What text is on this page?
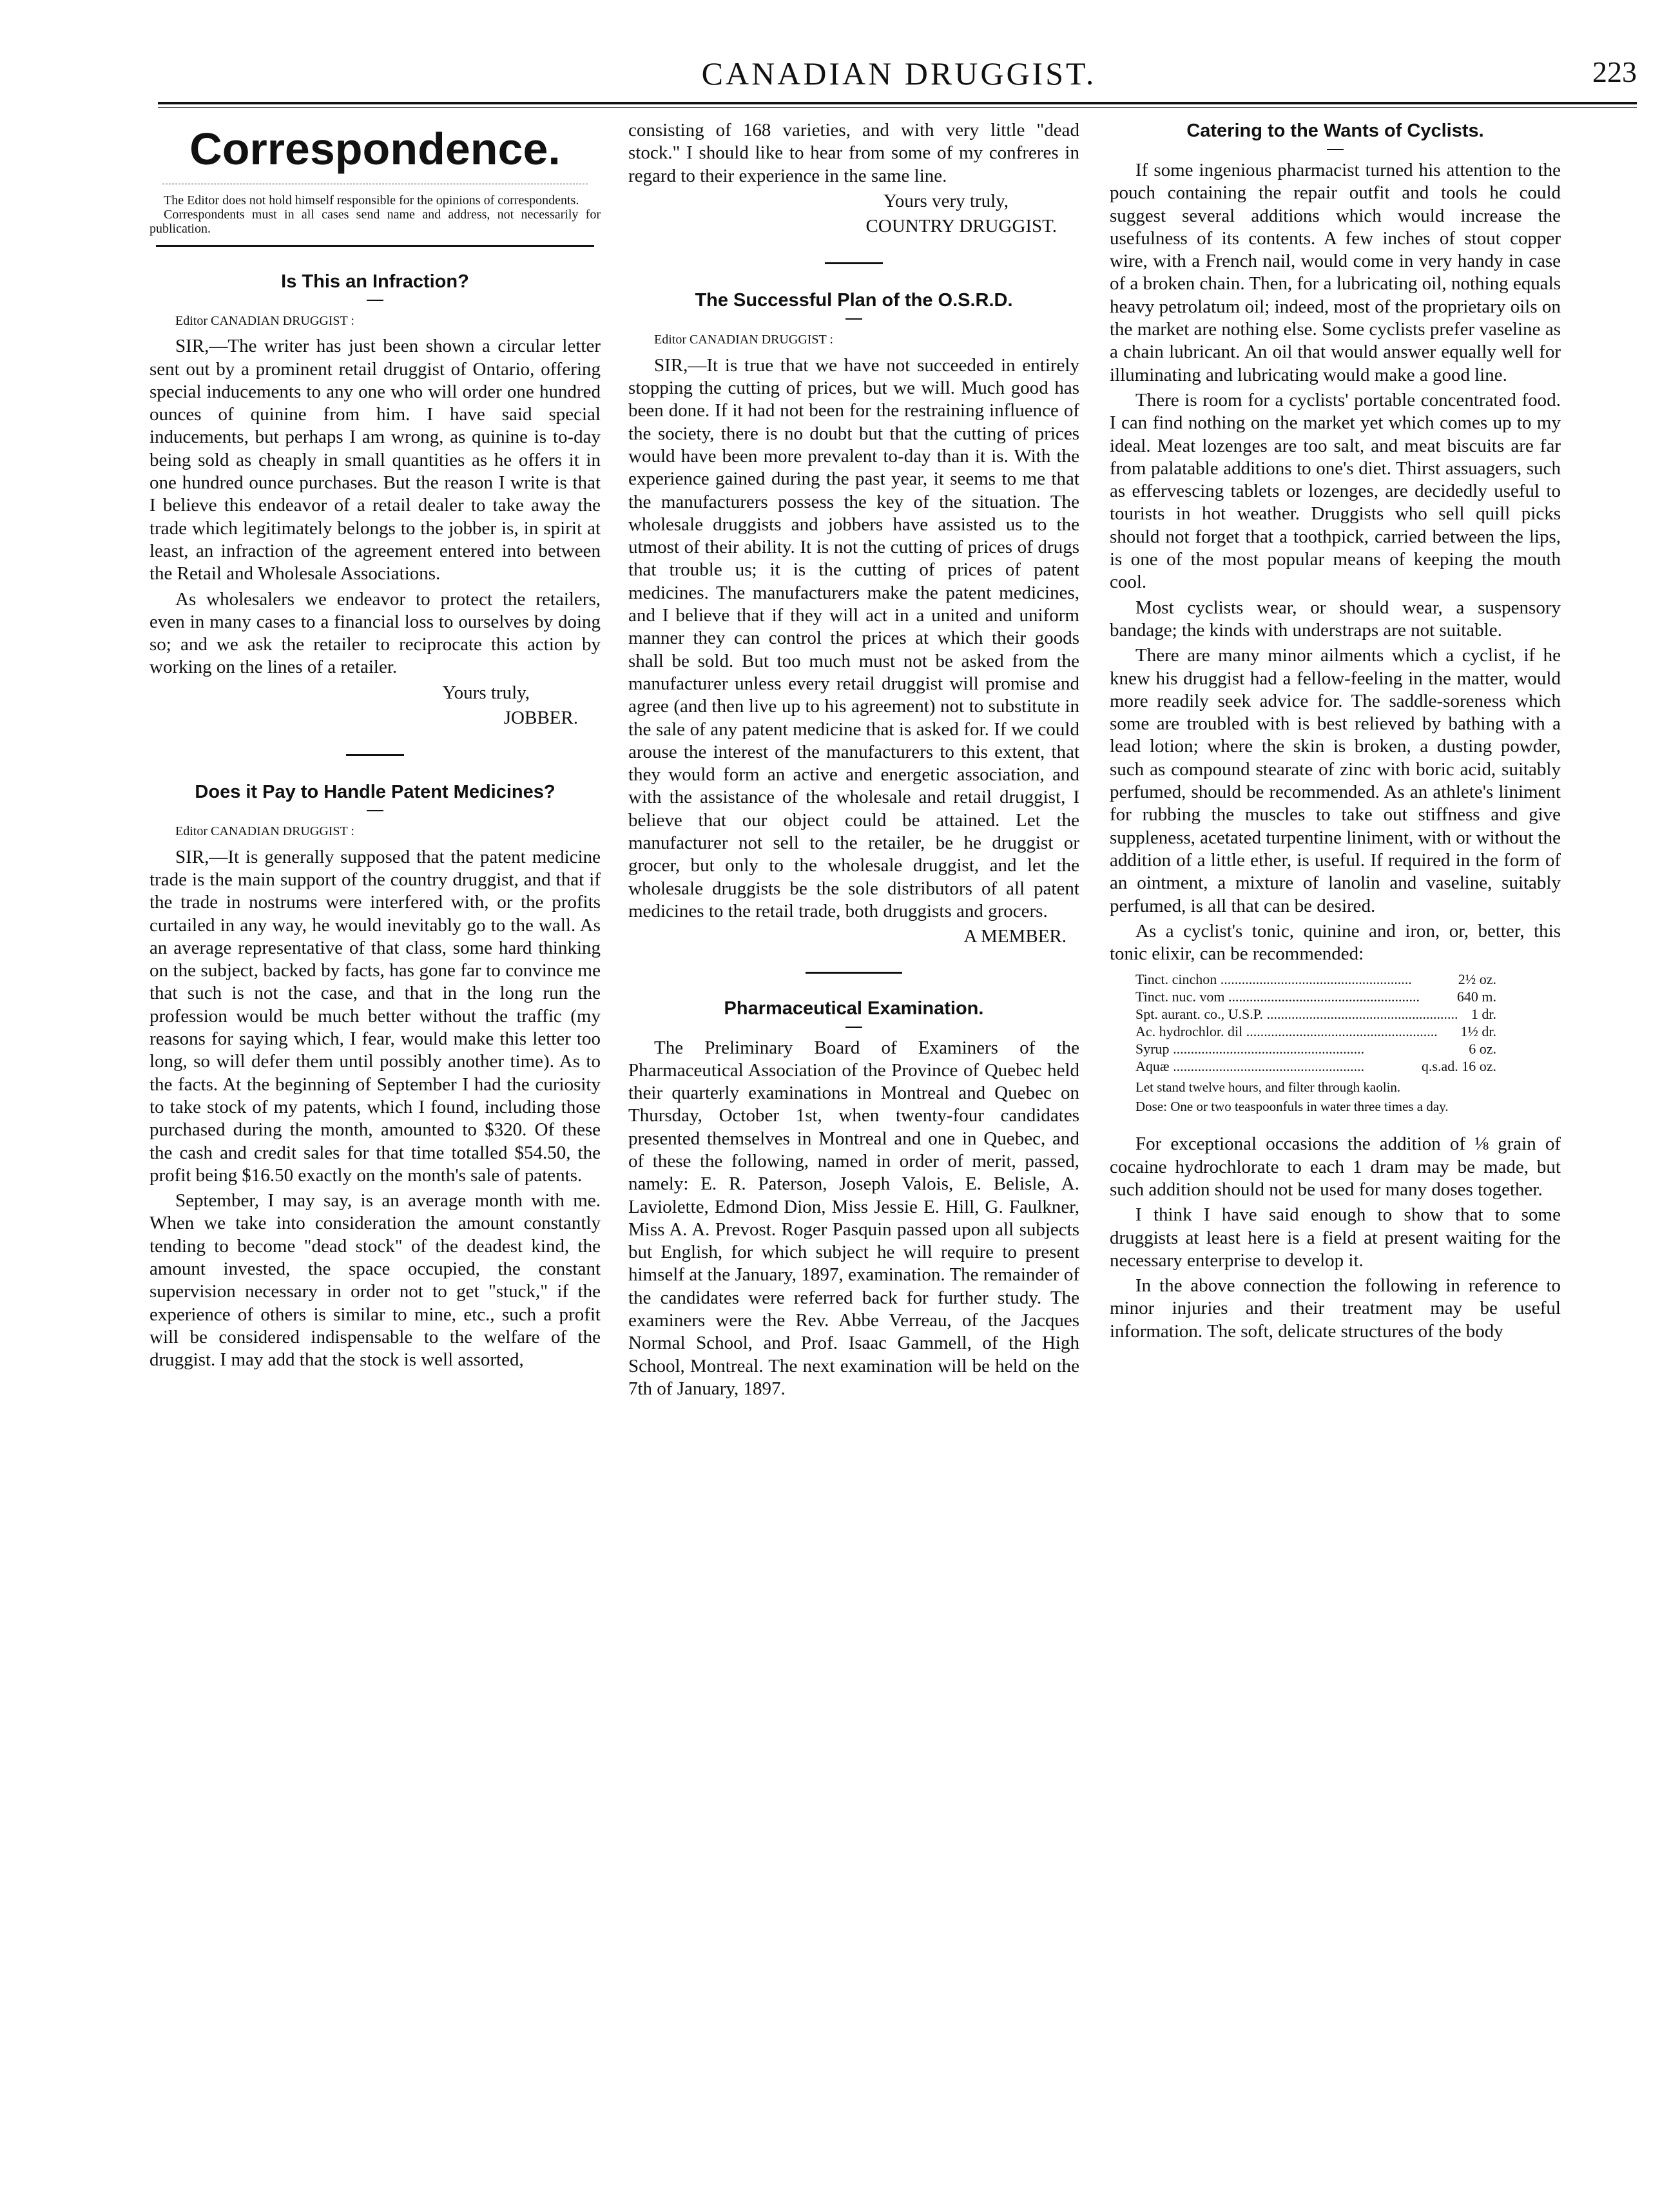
CANADIAN DRUGGIST.	223
Correspondence.
The Editor does not hold himself responsible for the opinions of correspondents.
Correspondents must in all cases send name and address, not necessarily for publication.
Is This an Infraction?

Editor CANADIAN DRUGGIST :

SIR,—The writer has just been shown a circular letter sent out by a prominent retail druggist of Ontario, offering special inducements to any one who will order one hundred ounces of quinine from him. I have said special inducements, but perhaps I am wrong, as quinine is to-day being sold as cheaply in small quantities as he offers it in one hundred ounce purchases. But the reason I write is that I believe this endeavor of a retail dealer to take away the trade which legitimately belongs to the jobber is, in spirit at least, an infraction of the agreement entered into between the Retail and Wholesale Associations.

As wholesalers we endeavor to protect the retailers, even in many cases to a financial loss to ourselves by doing so; and we ask the retailer to reciprocate this action by working on the lines of a retailer.

Yours truly,

JOBBER.

Does it Pay to Handle Patent Medicines?

Editor CANADIAN DRUGGIST :

SIR,—It is generally supposed that the patent medicine trade is the main support of the country druggist, and that if the trade in nostrums were interfered with, or the profits curtailed in any way, he would inevitably go to the wall. As an average representative of that class, some hard thinking on the subject, backed by facts, has gone far to convince me that such is not the case, and that in the long run the profession would be much better without the traffic (my reasons for saying which, I fear, would make this letter too long, so will defer them until possibly another time). As to the facts. At the beginning of September I had the curiosity to take stock of my patents, which I found, including those purchased during the month, amounted to $320. Of these the cash and credit sales for that time totalled $54.50, the profit being $16.50 exactly on the month's sale of patents.

September, I may say, is an average month with me. When we take into consideration the amount constantly tending to become "dead stock" of the deadest kind, the amount invested, the space occupied, the constant supervision necessary in order not to get "stuck," if the experience of others is similar to mine, etc., such a profit will be considered indispensable to the welfare of the druggist. I may add that the stock is well assorted,

consisting of 168 varieties, and with very little "dead stock." I should like to hear from some of my confreres in regard to their experience in the same line.

Yours very truly,

COUNTRY DRUGGIST.

The Successful Plan of the O.S.R.D.

Editor CANADIAN DRUGGIST :

SIR,—It is true that we have not succeeded in entirely stopping the cutting of prices, but we will. Much good has been done. If it had not been for the restraining influence of the society, there is no doubt but that the cutting of prices would have been more prevalent to-day than it is. With the experience gained during the past year, it seems to me that the manufacturers possess the key of the situation. The wholesale druggists and jobbers have assisted us to the utmost of their ability. It is not the cutting of prices of drugs that trouble us; it is the cutting of prices of patent medicines. The manufacturers make the patent medicines, and I believe that if they will act in a united and uniform manner they can control the prices at which their goods shall be sold. But too much must not be asked from the manufacturer unless every retail druggist will promise and agree (and then live up to his agreement) not to substitute in the sale of any patent medicine that is asked for. If we could arouse the interest of the manufacturers to this extent, that they would form an active and energetic association, and with the assistance of the wholesale and retail druggist, I believe that our object could be attained. Let the manufacturer not sell to the retailer, be he druggist or grocer, but only to the wholesale druggist, and let the wholesale druggists be the sole distributors of all patent medicines to the retail trade, both druggists and grocers.

A MEMBER.

Pharmaceutical Examination.

The Preliminary Board of Examiners of the Pharmaceutical Association of the Province of Quebec held their quarterly examinations in Montreal and Quebec on Thursday, October 1st, when twenty-four candidates presented themselves in Montreal and one in Quebec, and of these the following, named in order of merit, passed, namely: E. R. Paterson, Joseph Valois, E. Belisle, A. Laviolette, Edmond Dion, Miss Jessie E. Hill, G. Faulkner, Miss A. A. Prevost. Roger Pasquin passed upon all subjects but English, for which subject he will require to present himself at the January, 1897, examination. The remainder of the candidates were referred back for further study. The examiners were the Rev. Abbe Verreau, of the Jacques Normal School, and Prof. Isaac Gammell, of the High School, Montreal. The next examination will be held on the 7th of January, 1897.

Catering to the Wants of Cyclists.

If some ingenious pharmacist turned his attention to the pouch containing the repair outfit and tools he could suggest several additions which would increase the usefulness of its contents. A few inches of stout copper wire, with a French nail, would come in very handy in case of a broken chain. Then, for a lubricating oil, nothing equals heavy petrolatum oil; indeed, most of the proprietary oils on the market are nothing else. Some cyclists prefer vaseline as a chain lubricant. An oil that would answer equally well for illuminating and lubricating would make a good line.

There is room for a cyclists' portable concentrated food. I can find nothing on the market yet which comes up to my ideal. Meat lozenges are too salt, and meat biscuits are far from palatable additions to one's diet. Thirst assuagers, such as effervescing tablets or lozenges, are decidedly useful to tourists in hot weather. Druggists who sell quill picks should not forget that a toothpick, carried between the lips, is one of the most popular means of keeping the mouth cool.

Most cyclists wear, or should wear, a suspensory bandage; the kinds with understraps are not suitable.

There are many minor ailments which a cyclist, if he knew his druggist had a fellow-feeling in the matter, would more readily seek advice for. The saddle-soreness which some are troubled with is best relieved by bathing with a lead lotion; where the skin is broken, a dusting powder, such as compound stearate of zinc with boric acid, suitably perfumed, should be recommended. As an athlete's liniment for rubbing the muscles to take out stiffness and give suppleness, acetated turpentine liniment, with or without the addition of a little ether, is useful. If required in the form of an ointment, a mixture of lanolin and vaseline, suitably perfumed, is all that can be desired.

As a cyclist's tonic, quinine and iron, or, better, this tonic elixir, can be recommended:

Tinct. cinchon .....	2½ oz.
Tinct. nuc. vom .....	640 m.
Spt. aurant. co., U.S.P. .....	1 dr.
Ac. hydrochlor. dil .....	1½ dr.
Syrup .....	6 oz.
Aquæ .....	q.s.ad. 16 oz.

Let stand twelve hours, and filter through kaolin.

Dose: One or two teaspoonfuls in water three times a day.

For exceptional occasions the addition of ⅛ grain of cocaine hydrochlorate to each 1 dram may be made, but such addition should not be used for many doses together.

I think I have said enough to show that to some druggists at least here is a field at present waiting for the necessary enterprise to develop it.

In the above connection the following in reference to minor injuries and their treatment may be useful information. The soft, delicate structures of the body
